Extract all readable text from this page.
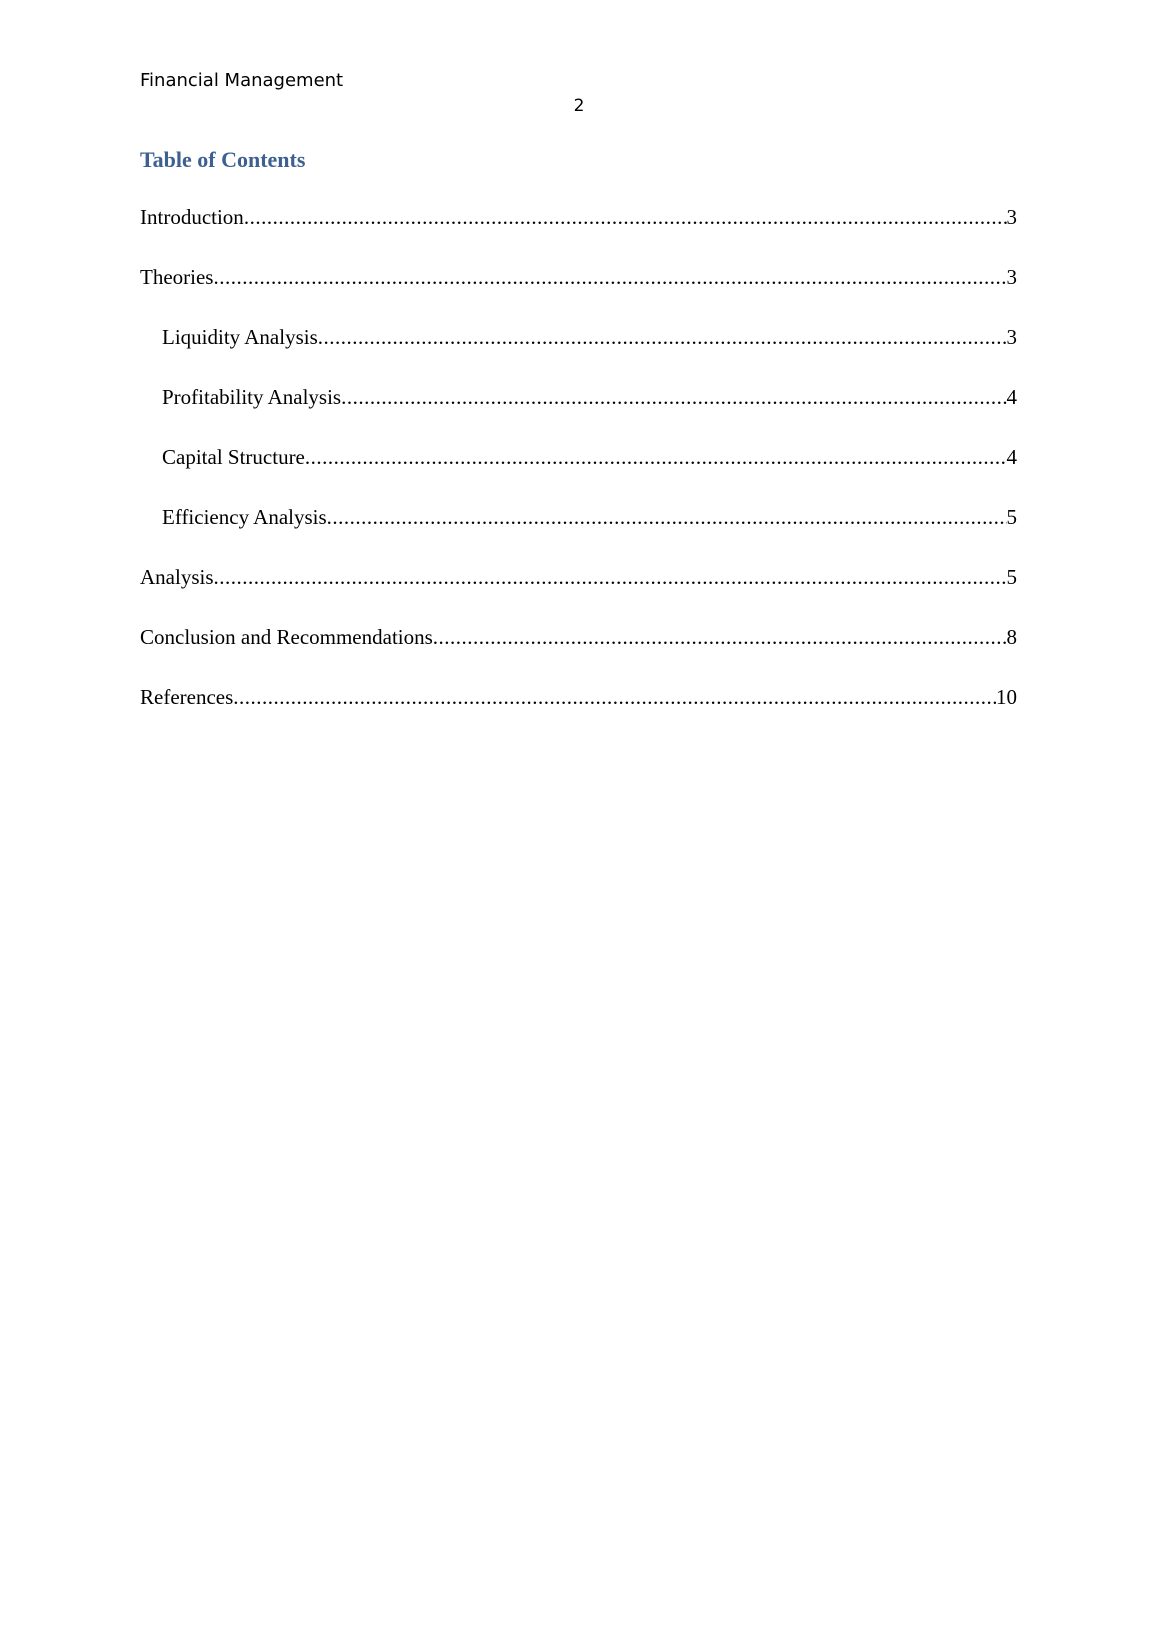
Financial Management
2
Table of Contents
Introduction .....	3
Theories .....	3
Liquidity Analysis .....	3
Profitability Analysis .....	4
Capital Structure .....	4
Efficiency Analysis .....	5
Analysis .....	5
Conclusion and Recommendations .....	8
References .....	10
